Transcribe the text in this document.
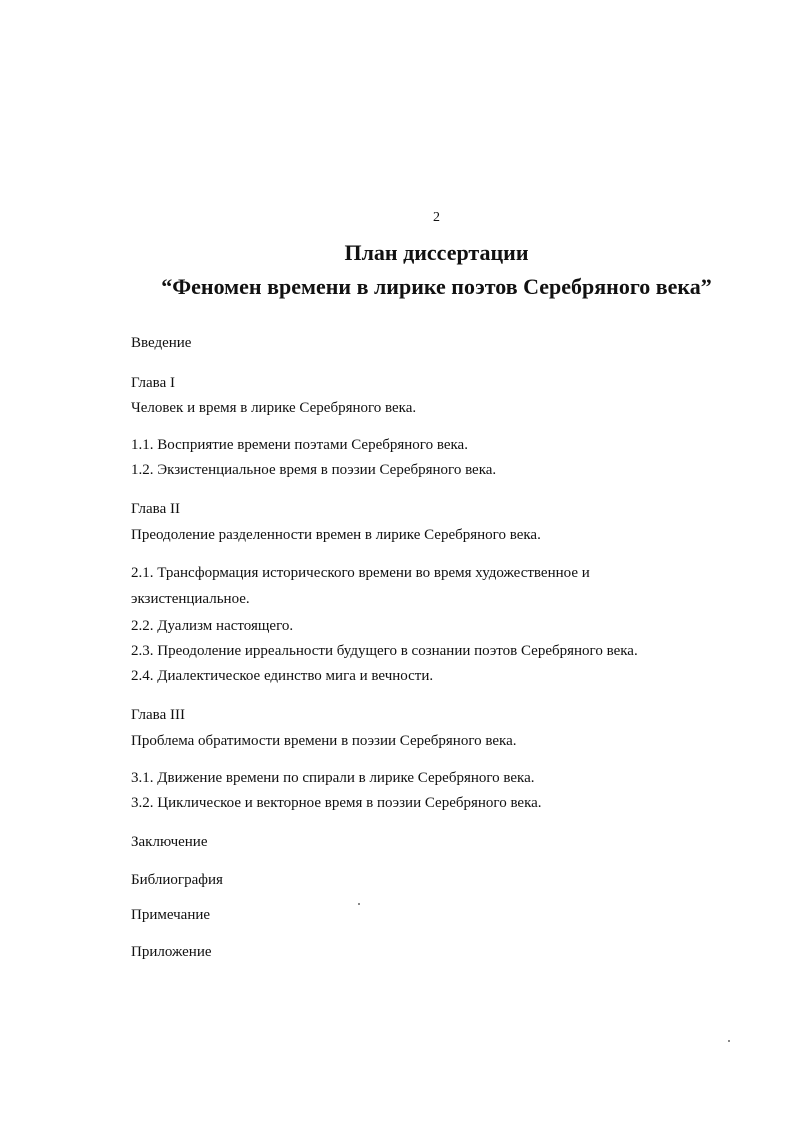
2
План диссертации
“Феномен времени в лирике поэтов Серебряного века”
Введение
Глава I
Человек и время в лирике Серебряного века.
1.1. Восприятие времени поэтами Серебряного века.
1.2. Экзистенциальное время в поэзии Серебряного века.
Глава II
Преодоление разделенности времен в лирике Серебряного века.
2.1. Трансформация исторического времени во время художественное и экзистенциальное.
2.2. Дуализм настоящего.
2.3. Преодоление ирреальности будущего в сознании поэтов Серебряного века.
2.4. Диалектическое единство мига и вечности.
Глава III
Проблема обратимости времени в поэзии Серебряного века.
3.1. Движение времени по спирали в лирике Серебряного века.
3.2. Циклическое и векторное время в поэзии Серебряного века.
Заключение
Библиография
Примечание
Приложение
